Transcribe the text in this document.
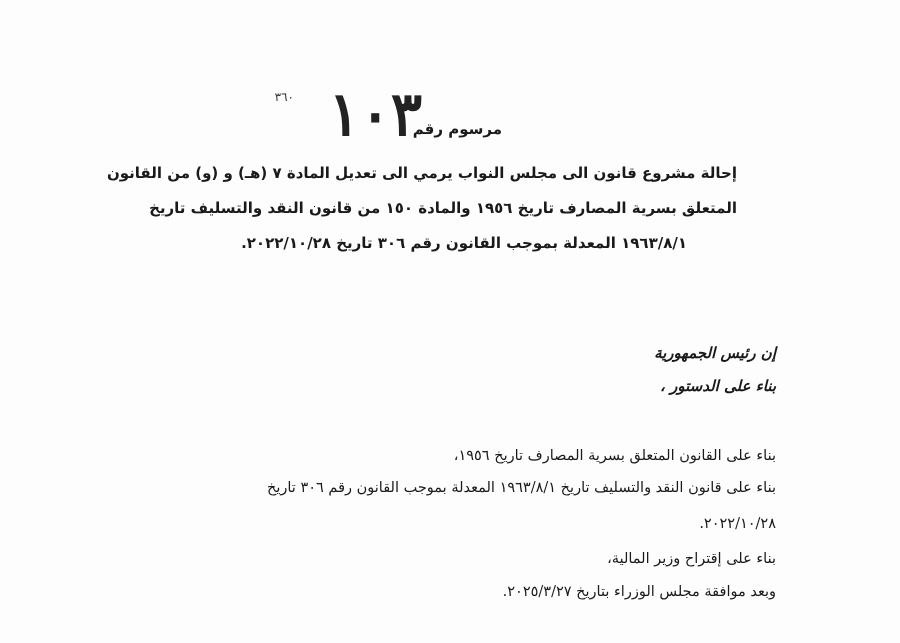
مرسوم رقم
١٠٣
٣٦٠
إحالة مشروع قانون الى مجلس النواب يرمي الى تعديل المادة ٧ (هـ) و (و) من القانون
المتعلق بسرية المصارف تاريخ ١٩٥٦ والمادة ١٥٠ من قانون النقد والتسليف تاريخ
١٩٦٣/٨/١ المعدلة بموجب القانون رقم ٣٠٦ تاريخ ٢٠٢٢/١٠/٢٨.
إن رئيس الجمهورية
بناء على الدستور ،
بناء على القانون المتعلق بسرية المصارف تاريخ ١٩٥٦،
بناء على قانون النقد والتسليف تاريخ ١٩٦٣/٨/١ المعدلة بموجب القانون رقم ٣٠٦ تاريخ
٢٠٢٢/١٠/٢٨.
بناء على إقتراح وزير المالية،
وبعد موافقة مجلس الوزراء بتاريخ ٢٠٢٥/٣/٢٧.
